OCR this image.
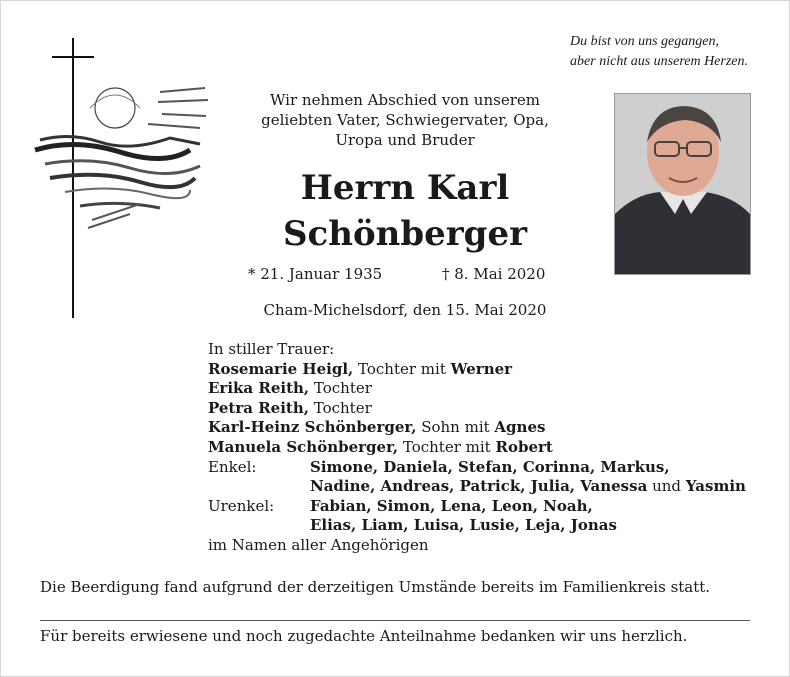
Du bist von uns gegangen,
aber nicht aus unserem Herzen.
Wir nehmen Abschied von unserem
geliebten Vater, Schwiegervater, Opa,
Uropa und Bruder
Herrn Karl
Schönberger
* 21. Januar 1935	† 8. Mai 2020
Cham-Michelsdorf, den 15. Mai 2020
In stiller Trauer:
Rosemarie Heigl, Tochter mit Werner
Erika Reith, Tochter
Petra Reith, Tochter
Karl-Heinz Schönberger, Sohn mit Agnes
Manuela Schönberger, Tochter mit Robert
Enkel:	Simone, Daniela, Stefan, Corinna, Markus,
Nadine, Andreas, Patrick, Julia, Vanessa und Yasmin
Urenkel:	Fabian, Simon, Lena, Leon, Noah,
Elias, Liam, Luisa, Lusie, Leja, Jonas
im Namen aller Angehörigen
Die Beerdigung fand aufgrund der derzeitigen Umstände bereits im Familienkreis statt.
Für bereits erwiesene und noch zugedachte Anteilnahme bedanken wir uns herzlich.
